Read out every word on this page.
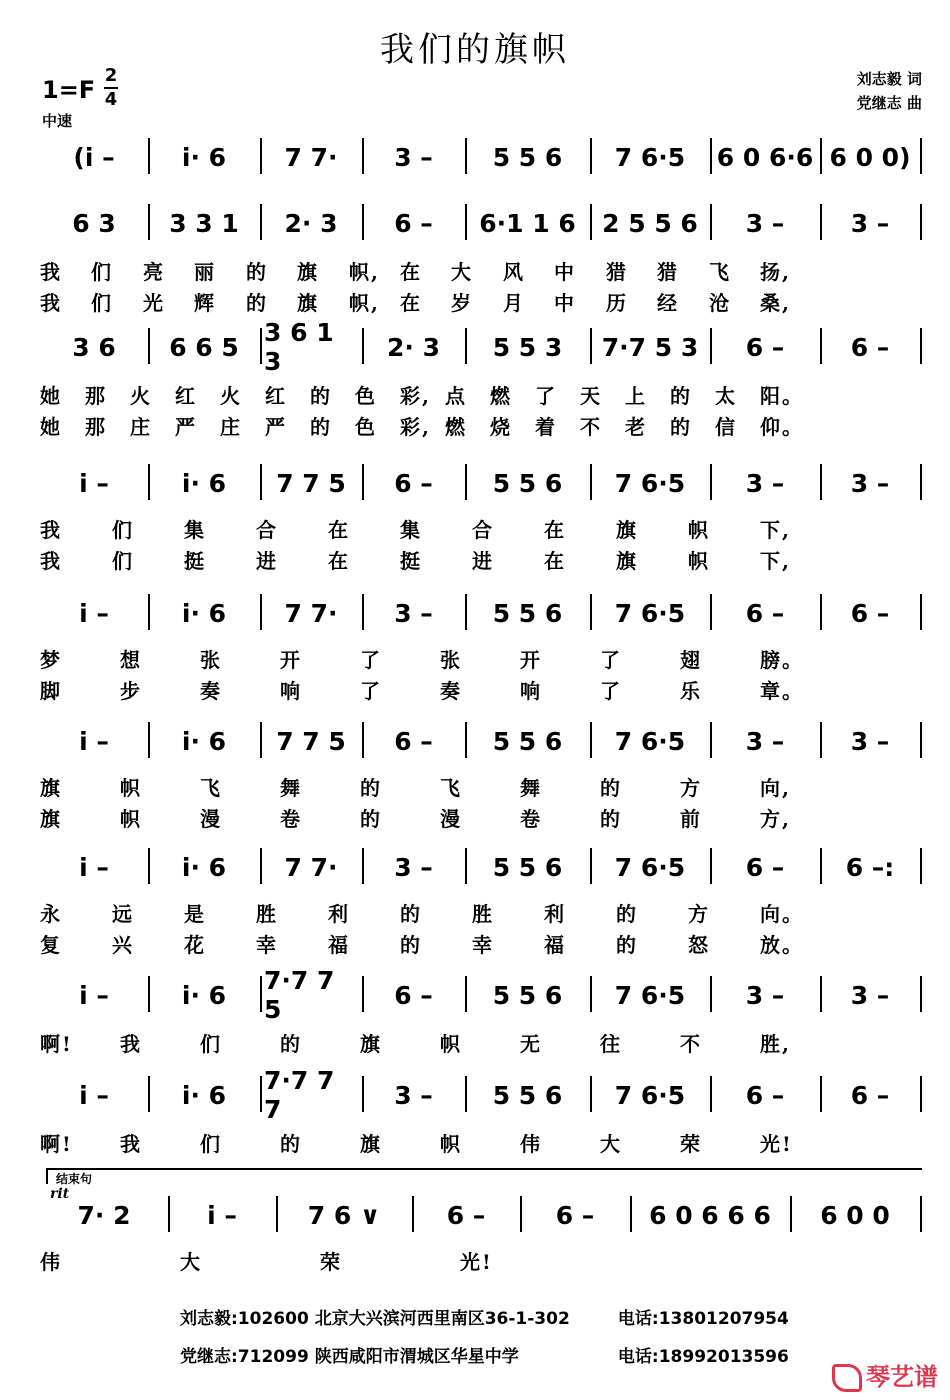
我们的旗帜
1=F
2
4
中速
刘志毅 词
党继志 曲
(i –	i· 6	7 7·	3 –	5 5 6	7 6·5	6 0 6·6 6 0 0)
6 3	3 3 1	2· 3	6 –	6·1 1 6	2 5 5 6	3 –	3 –
3 6	6 6 5	3 6 1 3	2· 3	5 5 3	7·7 5 3	6 –	6 –
i –	i· 6	7 7 5	6 –	5 5 6	7 6·5	3 –	3 –
i –	i· 6	7 7·	3 –	5 5 6	7 6·5	6 –	6 –
i –	i· 6	7 7 5	6 –	5 5 6	7 6·5	3 –	3 –
i –	i· 6	7 7·	3 –	5 5 6	7 6·5	6 –	6 –:
i –	i· 6	7·7 7 5	6 –	5 5 6	7 6·5	3 –	3 –
i –	i· 6	7·7 7 7	3 –	5 5 6	7 6·5	6 –	6 –
7· 2	i –	7 6 ∨	6 –	6 –	6 0 6 6 6	6 0 0
我 们 亮 丽 的 旗 帜, 在 大 风 中 猎 猎 飞 扬,
我 们 光 辉 的 旗 帜, 在 岁 月 中 历 经 沧 桑,
她 那 火 红 火 红 的 色 彩, 点 燃 了 天 上 的 太 阳。
她 那 庄 严 庄 严 的 色 彩, 燃 烧 着 不 老 的 信 仰。
我	们	集	合	在	集	合	在	旗	帜	下,
我	们	挺	进	在	挺	进	在	旗	帜	下,
梦	想	张	开	了	张	开	了	翅	膀。
脚	步	奏	响	了	奏	响	了	乐	章。
旗	帜	飞	舞	的	飞	舞	的	方	向,
旗	帜	漫	卷	的	漫	卷	的	前	方,
永	远	是	胜	利	的	胜	利	的	方	向。
复	兴	花	幸	福	的	幸	福	的	怒	放。
啊! 我	们	的	旗	帜	无	往	不	胜,
啊! 我	们	的	旗	帜	伟	大	荣	光!
伟	大	荣	光!
结束句
rit
刘志毅:102600 北京大兴滨河西里南区36-1-302	电话:13801207954
党继志:712099 陕西咸阳市渭城区华星中学	电话:18992013596
琴艺谱
